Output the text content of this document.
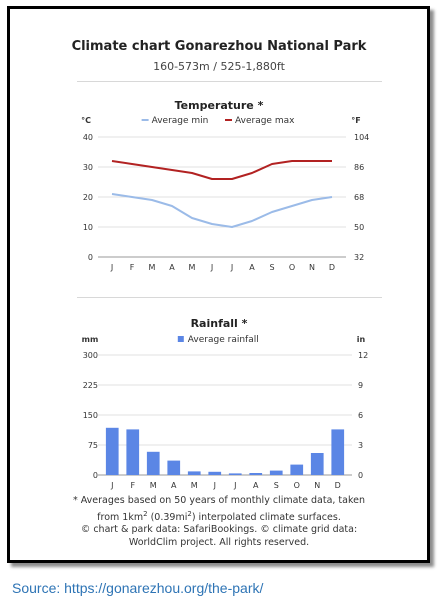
Climate chart Gonarezhou National Park
160-573m / 525-1,880ft
Temperature *
Average min	Average max
°C	°F
0	32
10	50
20	68
30	86
40	104
J F M A M J J A S O N D
Rainfall *
Average rainfall
mm	in
0	0
75	3
150	6
225	9
300	12
J F M A M J J A S O N D
* Averages based on 50 years of monthly climate data, taken
from $1km^2$ $(0.39mi^2)$ interpolated climate surfaces.
© chart & park data: SafariBookings. © climate grid data:
WorldClim project. All rights reserved.
Source: https://gonarezhou.org/the-park/
